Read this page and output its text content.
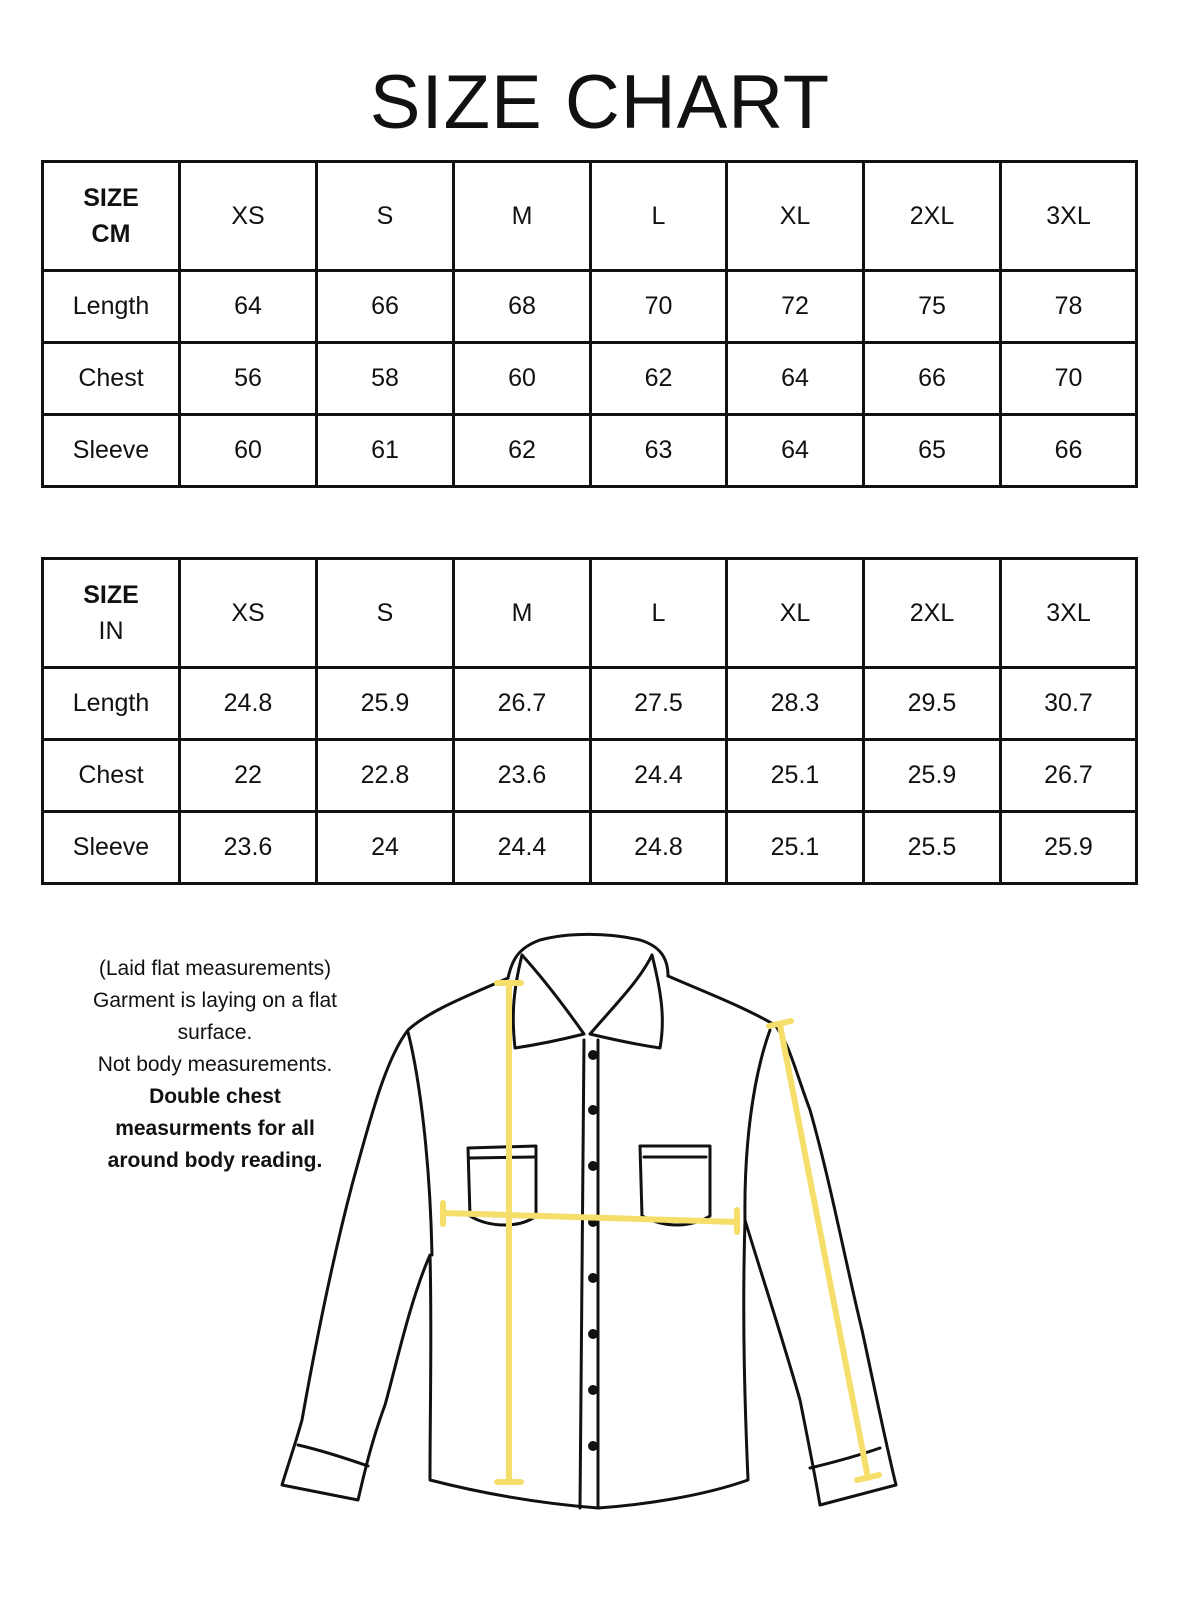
SIZE CHART
SIZE
CM	XS	S	M	L	XL	2XL	3XL
Length	64	66	68	70	72	75	78
Chest	56	58	60	62	64	66	70
Sleeve	60	61	62	63	64	65	66
SIZE
IN	XS	S	M	L	XL	2XL	3XL
Length	24.8	25.9	26.7	27.5	28.3	29.5	30.7
Chest	22	22.8	23.6	24.4	25.1	25.9	26.7
Sleeve	23.6	24	24.4	24.8	25.1	25.5	25.9
(Laid flat measurements)
Garment is laying on a flat
surface.
Not body measurements.
Double chest
measurments for all
around body reading.
